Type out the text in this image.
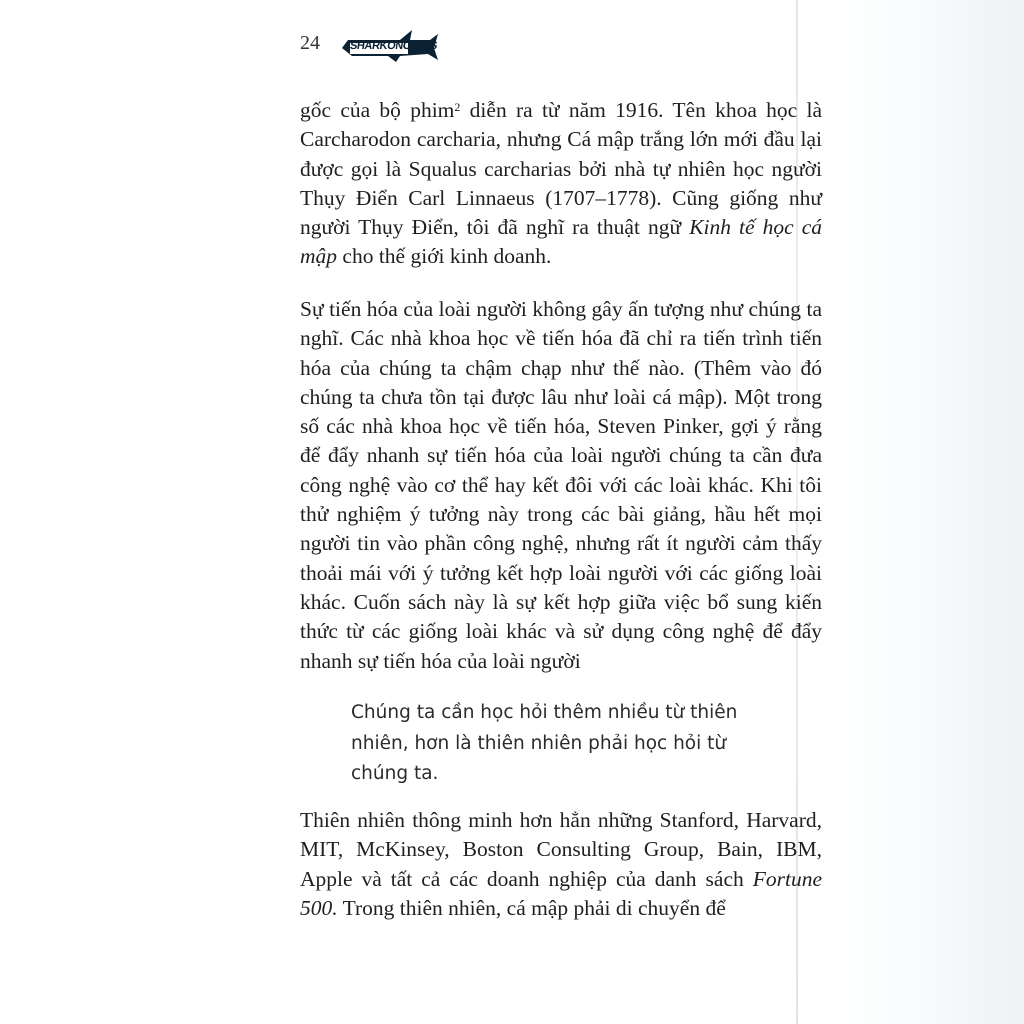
24	SHARKONOMICS

gốc của bộ phim$^2$ diễn ra từ năm 1916. Tên khoa học là Carcharodon carcharia, nhưng Cá mập trắng lớn mới đầu lại được gọi là Squalus carcharias bởi nhà tự nhiên học người Thụy Điển Carl Linnaeus (1707–1778). Cũng giống như người Thụy Điển, tôi đã nghĩ ra thuật ngữ Kinh tế học cá mập cho thế giới kinh doanh.

Sự tiến hóa của loài người không gây ấn tượng như chúng ta nghĩ. Các nhà khoa học về tiến hóa đã chỉ ra tiến trình tiến hóa của chúng ta chậm chạp như thế nào. (Thêm vào đó chúng ta chưa tồn tại được lâu như loài cá mập). Một trong số các nhà khoa học về tiến hóa, Steven Pinker, gợi ý rằng để đẩy nhanh sự tiến hóa của loài người chúng ta cần đưa công nghệ vào cơ thể hay kết đôi với các loài khác. Khi tôi thử nghiệm ý tưởng này trong các bài giảng, hầu hết mọi người tin vào phần công nghệ, nhưng rất ít người cảm thấy thoải mái với ý tưởng kết hợp loài người với các giống loài khác. Cuốn sách này là sự kết hợp giữa việc bổ sung kiến thức từ các giống loài khác và sử dụng công nghệ để đẩy nhanh sự tiến hóa của loài người

Chúng ta cần học hỏi thêm nhiều từ thiên nhiên, hơn là thiên nhiên phải học hỏi từ chúng ta.

Thiên nhiên thông minh hơn hẳn những Stanford, Harvard, MIT, McKinsey, Boston Consulting Group, Bain, IBM, Apple và tất cả các doanh nghiệp của danh sách Fortune 500. Trong thiên nhiên, cá mập phải di chuyển để
